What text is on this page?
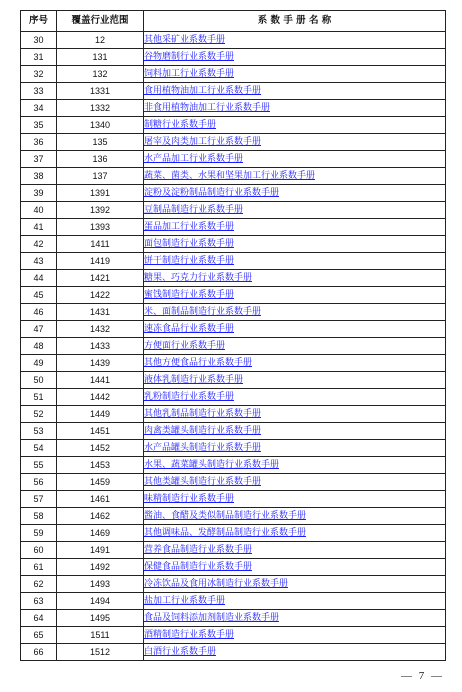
序号	覆盖行业范围	系 数 手 册 名 称
30	12	其他采矿业系数手册
31	131	谷物磨制行业系数手册
32	132	饲料加工行业系数手册
33	1331	食用植物油加工行业系数手册
34	1332	非食用植物油加工行业系数手册
35	1340	制糖行业系数手册
36	135	屠宰及肉类加工行业系数手册
37	136	水产品加工行业系数手册
38	137	蔬菜、菌类、水果和坚果加工行业系数手册
39	1391	淀粉及淀粉制品制造行业系数手册
40	1392	豆制品制造行业系数手册
41	1393	蛋品加工行业系数手册
42	1411	面包制造行业系数手册
43	1419	饼干制造行业系数手册
44	1421	糖果、巧克力行业系数手册
45	1422	蜜饯制造行业系数手册
46	1431	米、面制品制造行业系数手册
47	1432	速冻食品行业系数手册
48	1433	方便面行业系数手册
49	1439	其他方便食品行业系数手册
50	1441	液体乳制造行业系数手册
51	1442	乳粉制造行业系数手册
52	1449	其他乳制品制造行业系数手册
53	1451	肉禽类罐头制造行业系数手册
54	1452	水产品罐头制造行业系数手册
55	1453	水果、蔬菜罐头制造行业系数手册
56	1459	其他类罐头制造行业系数手册
57	1461	味精制造行业系数手册
58	1462	酱油、食醋及类似制品制造行业系数手册
59	1469	其他调味品、发酵制品制造行业系数手册
60	1491	营养食品制造行业系数手册
61	1492	保健食品制造行业系数手册
62	1493	冷冻饮品及食用冰制造行业系数手册
63	1494	盐加工行业系数手册
64	1495	食品及饲料添加剂制造业系数手册
65	1511	酒精制造行业系数手册
66	1512	白酒行业系数手册
— 7 —
